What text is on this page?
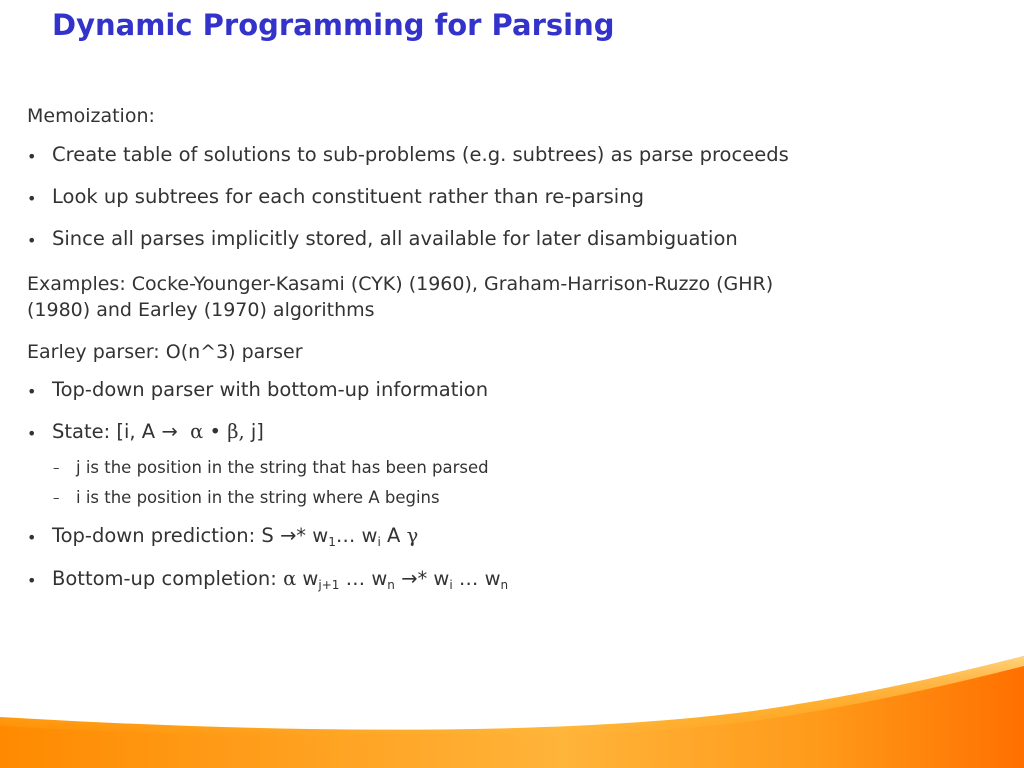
Dynamic Programming for Parsing
Memoization:
• Create table of solutions to sub-problems (e.g. subtrees) as parse proceeds
• Look up subtrees for each constituent rather than re-parsing
• Since all parses implicitly stored, all available for later disambiguation
Examples: Cocke-Younger-Kasami (CYK) (1960), Graham-Harrison-Ruzzo (GHR)
(1980) and Earley (1970) algorithms
Earley parser: O(n^3) parser
• Top-down parser with bottom-up information
• State: [i, A → α • β, j]
– j is the position in the string that has been parsed
– i is the position in the string where A begins
• Top-down prediction: $S \to* w_1\dots$ $w_i$ A γ
• Bottom-up completion: α $w_{j+1}$ … $w_n \to* w_i$ … $w_n$
